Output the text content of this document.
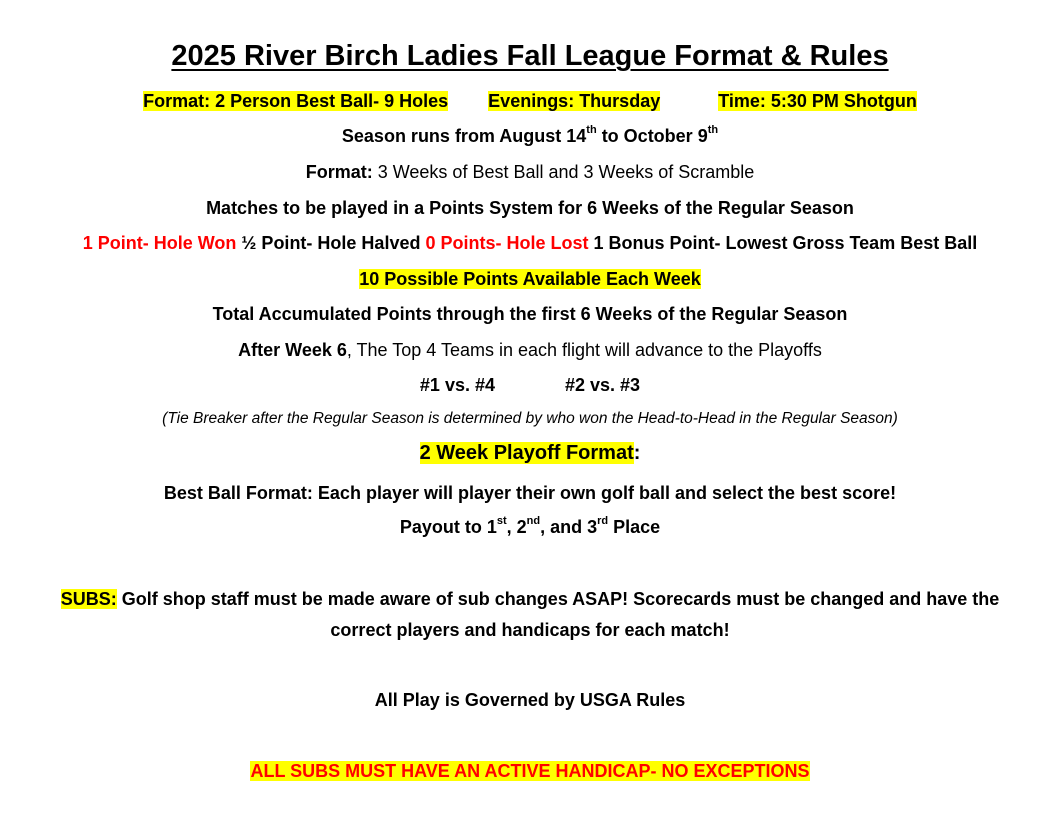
2025 River Birch Ladies Fall League Format & Rules
Format: 2 Person Best Ball- 9 Holes Evenings: Thursday	Time: 5:30 PM Shotgun
Season runs from August 14th to October 9th
Format: 3 Weeks of Best Ball and 3 Weeks of Scramble
Matches to be played in a Points System for 6 Weeks of the Regular Season
1 Point- Hole Won ½ Point- Hole Halved 0 Points- Hole Lost 1 Bonus Point- Lowest Gross Team Best Ball
10 Possible Points Available Each Week
Total Accumulated Points through the first 6 Weeks of the Regular Season
After Week 6, The Top 4 Teams in each flight will advance to the Playoffs
#1 vs. #4	#2 vs. #3
(Tie Breaker after the Regular Season is determined by who won the Head-to-Head in the Regular Season)
2 Week Playoff Format:
Best Ball Format: Each player will player their own golf ball and select the best score!
Payout to 1st, 2nd, and 3rd Place
SUBS: Golf shop staff must be made aware of sub changes ASAP! Scorecards must be changed and have the
correct players and handicaps for each match!
All Play is Governed by USGA Rules
ALL SUBS MUST HAVE AN ACTIVE HANDICAP- NO EXCEPTIONS
